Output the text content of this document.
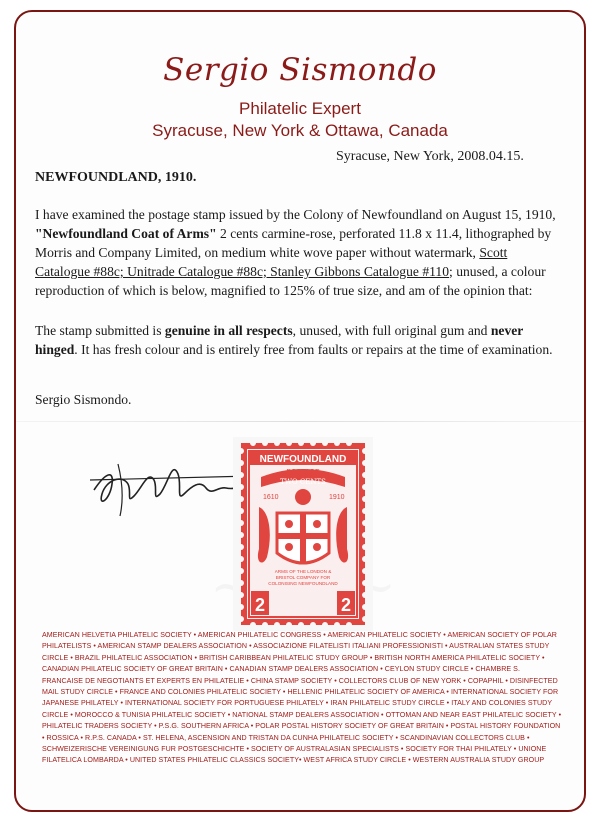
Sergio Sismondo
Philatelic Expert
Syracuse, New York & Ottawa, Canada
Syracuse, New York, 2008.04.15.
NEWFOUNDLAND, 1910.
I have examined the postage stamp issued by the Colony of Newfoundland on August 15, 1910, "Newfoundland Coat of Arms" 2 cents carmine-rose, perforated 11.8 x 11.4, lithographed by Morris and Company Limited, on medium white wove paper without watermark, Scott Catalogue #88c; Unitrade Catalogue #88c; Stanley Gibbons Catalogue #110; unused, a colour reproduction of which is below, magnified to 125% of true size, and am of the opinion that:
The stamp submitted is genuine in all respects, unused, with full original gum and never hinged. It has fresh colour and is entirely free from faults or repairs at the time of examination.
Sergio Sismondo.
NEWFOUNDLAND
TWO CENTS
1610	1910
ARMS OF THE LONDON &
BRISTOL COMPANY FOR
COLONISING NEWFOUNDLAND
2	2
AMERICAN HELVETIA PHILATELIC SOCIETY • AMERICAN PHILATELIC CONGRESS • AMERICAN PHILATELIC SOCIETY • AMERICAN SOCIETY OF POLAR PHILATELISTS • AMERICAN STAMP DEALERS ASSOCIATION • ASSOCIAZIONE FILATELISTI ITALIANI PROFESSIONISTI • AUSTRALIAN STATES STUDY CIRCLE • BRAZIL PHILATELIC ASSOCIATION • BRITISH CARIBBEAN PHILATELIC STUDY GROUP • BRITISH NORTH AMERICA PHILATELIC SOCIETY • CANADIAN PHILATELIC SOCIETY OF GREAT BRITAIN • CANADIAN STAMP DEALERS ASSOCIATION • CEYLON STUDY CIRCLE • CHAMBRE S. FRANCAISE DE NEGOTIANTS ET EXPERTS EN PHILATELIE • CHINA STAMP SOCIETY • COLLECTORS CLUB OF NEW YORK • COPAPHIL • DISINFECTED MAIL STUDY CIRCLE • FRANCE AND COLONIES PHILATELIC SOCIETY • HELLENIC PHILATELIC SOCIETY OF AMERICA • INTERNATIONAL SOCIETY FOR JAPANESE PHILATELY • INTERNATIONAL SOCIETY FOR PORTUGUESE PHILATELY • IRAN PHILATELIC STUDY CIRCLE • ITALY AND COLONIES STUDY CIRCLE • MOROCCO & TUNISIA PHILATELIC SOCIETY • NATIONAL STAMP DEALERS ASSOCIATION • OTTOMAN AND NEAR EAST PHILATELIC SOCIETY • PHILATELIC TRADERS SOCIETY • P.S.G. SOUTHERN AFRICA • POLAR POSTAL HISTORY SOCIETY OF GREAT BRITAIN • POSTAL HISTORY FOUNDATION • ROSSICA • R.P.S. CANADA • ST. HELENA, ASCENSION AND TRISTAN DA CUNHA PHILATELIC SOCIETY • SCANDINAVIAN COLLECTORS CLUB • SCHWEIZERISCHE VEREINIGUNG FUR POSTGESCHICHTE • SOCIETY OF AUSTRALASIAN SPECIALISTS • SOCIETY FOR THAI PHILATELY • UNIONE FILATELICA LOMBARDA • UNITED STATES PHILATELIC CLASSICS SOCIETY• WEST AFRICA STUDY CIRCLE • WESTERN AUSTRALIA STUDY GROUP
